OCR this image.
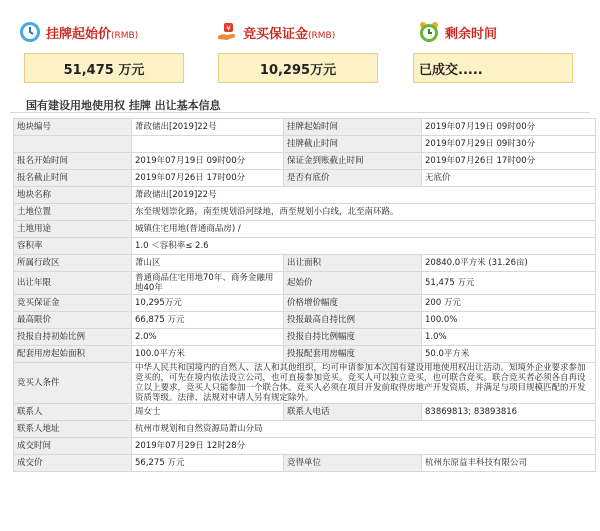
挂牌起始价(RMB)
51,475 万元
¥ 竞买保证金(RMB)
10,295万元
剩余时间
已成交.....
国有建设用地使用权 挂牌 出让基本信息
地块编号	萧政储出[2019]22号	挂牌起始时间	2019年07月19日 09时00分
		挂牌截止时间	2019年07月29日 09时30分
报名开始时间	2019年07月19日 09时00分	保证金到账截止时间	2019年07月26日 17时00分
报名截止时间	2019年07月26日 17时00分	是否有底价	无底价
地块名称	萧政储出[2019]22号		
土地位置	东至规划崇化路，南至规划沿河绿地，西至规划小白线，北至南环路。		
土地用途	城镇住宅用地(普通商品房) /		
容积率	1.0 ＜容积率≤ 2.6		
所属行政区	萧山区	出让面积	20840.0平方米 (31.26亩)
出让年限	普通商品住宅用地70年、商务金融用地40年	起始价	51,475 万元
竞买保证金	10,295万元	价格增价幅度	200 万元
最高限价	66,875 万元	投报最高自持比例	100.0%
投报自持初始比例	2.0%	投报自持比例幅度	1.0%
配套用房起始面积	100.0平方米	投报配套用房幅度	50.0平方米
竞买人条件	中华人民共和国境内的自然人、法人和其他组织，均可申请参加本次国有建设用地使用权出让活动。知境外企业要求参加竞买的，可先在境内依法设立公司，也可直接参加竞买。竞买人可以独立竞买，也可联合竞买。联合竞买者必须各自再设立以上要求，竞买人只能参加一个联合体。竞买人必须在项目开发前取得房地产开发资质，并满足与项目规模匹配的开发资质等级。法律、法规对申请人另有规定除外。		
联系人	周女士	联系人电话	83869813; 83893816
联系人地址	杭州市规划和自然资源局萧山分局		
成交时间	2019年07月29日 12时28分		
成交价	56,275 万元	竞得单位	杭州东原益丰科技有限公司
